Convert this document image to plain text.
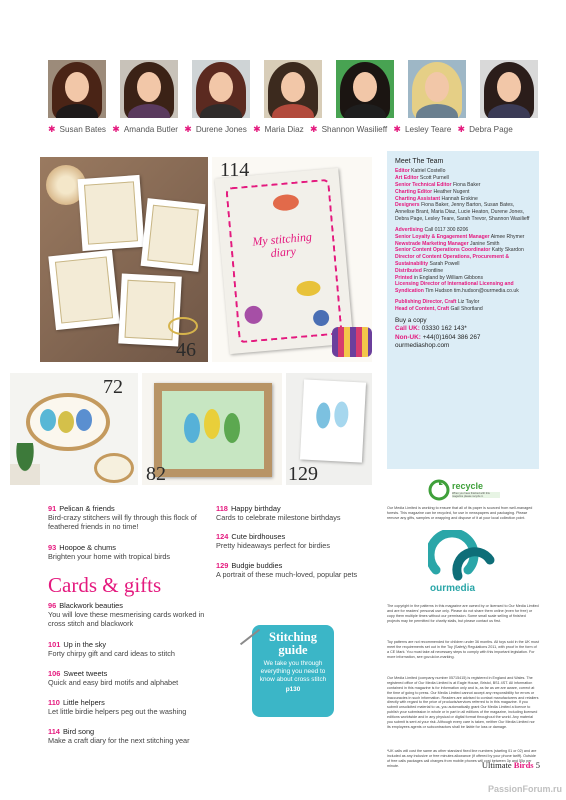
✱ Susan Bates ✱ Amanda Butler ✱ Durene Jones ✱ Maria Diaz ✱ Shannon Wasilieff ✱ Lesley Teare ✱ Debra Page
46
My stitching diary
114
72
82	129
Meet The Team
Editor Katriel Costello
Art Editor Scott Purnell
Senior Technical Editor Fiona Baker
Charting Editor Heather Nugent
Charting Assistant Hannah Erskine
Designers Fiona Baker, Jenny Barton, Susan Bates, Annelise Brant, Maria Diaz, Lucie Heaton, Durene Jones, Debra Page, Lesley Teare, Sarah Trevor, Shannon Wasilieff
Advertising Call 0117 300 8206
Senior Loyalty & Engagement Manager Aimee Rhymer
Newstrade Marketing Manager Janine Smith
Senior Content Operations Coordinator Katty Skardon
Director of Content Operations, Procurement & Sustainability Sarah Powell
Distributed Frontline
Printed in England by William Gibbons
Licensing Director of International Licensing and Syndication Tim Hudson tim.hudson@ourmedia.co.uk
Publishing Director, Craft Liz Taylor
Head of Content, Craft Gail Shortland
Buy a copy
Call UK: 03330 162 143*
Non-UK: +44(0)1604 386 267
ourmediashop.com
recycle
When you have finished with this magazine please recycle it.
Our Media Limited is working to ensure that all of its paper is sourced from well-managed forests. This magazine can be recycled, for use in newspapers and packaging. Please remove any gifts, samples or wrapping and dispose of it at your local collection point.
ourmedia
The copyright in the patterns in this magazine are owned by or licensed to Our Media Limited and are for readers' personal use only. Please do not share them online (even for free) or copy them multiple times without our permission. Some small scale selling of finished projects may be permitted for charity stalls, but please contact us first.
Toy patterns are not recommended for children under 36 months. All toys sold in the UK must meet the requirements set out in the Toy (Safety) Regulations 2011, with proof in the form of a CE Mark. You must take all necessary steps to comply with this important legislation. For more information, see gov.uk/ce-marking.
Our Media Limited (company number 05715415) is registered in England and Wales. The registered office of Our Media Limited is at Eagle House, Bristol, BS1 4ST. All information contained in this magazine is for information only and is, as far as we are aware, correct at the time of going to press. Our Media Limited cannot accept any responsibility for errors or inaccuracies in such information. Readers are advised to contact manufacturers and retailers directly with regard to the price of products/services referred to in this magazine. If you submit unsolicited material to us, you automatically grant Our Media Limited a licence to publish your submission in whole or in part in all editions of the magazine, including licensed editions worldwide and in any physical or digital format throughout the world. Any material you submit is sent at your risk. Although every care is taken, neither Our Media Limited nor its employees agents or subcontractors shall be liable for loss or damage.
*UK calls will cost the same as other standard fixed line numbers (starting 01 or 02) and are included as any inclusive or free minutes allowance (if offered by your phone tariff). Outside of free calls packages call charges from mobile phones will cost between 3p and 55p per minute.
91 Pelican & friends
Bird-crazy stitchers will fly through this flock of feathered friends in no time!
93 Hoopoe & chums
Brighten your home with tropical birds
Cards & gifts
96 Blackwork beauties
You will love these mesmerising cards worked in cross stitch and blackwork
101 Up in the sky
Forty chirpy gift and card ideas to stitch
106 Sweet tweets
Quick and easy bird motifs and alphabet
110 Little helpers
Let little birdie helpers peg out the washing
114 Bird song
Make a craft diary for the next stitching year
118 Happy birthday
Cards to celebrate milestone birthdays
124 Cute birdhouses
Pretty hideaways perfect for birdies
129 Budgie buddies
A portrait of these much-loved, popular pets
Stitching
guide
We take you through everything you need to know about cross stitch
p130
Ultimate Birds 5
PassionForum.ru
